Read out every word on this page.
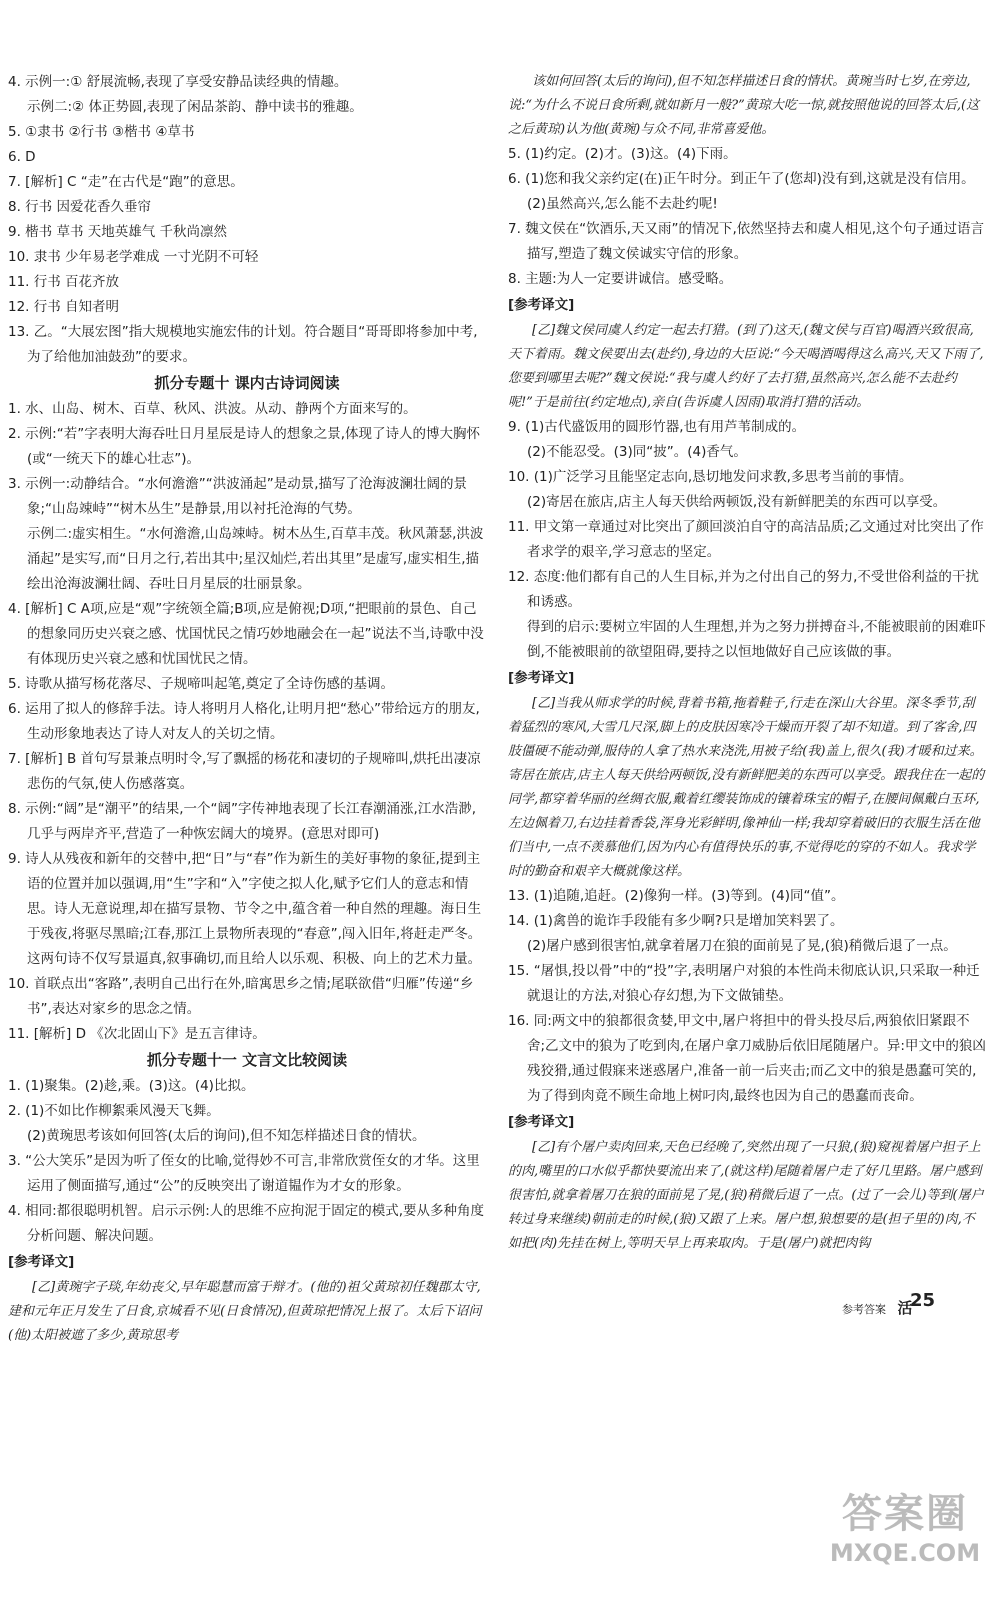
4. 示例一:① 舒展流畅,表现了享受安静品读经典的情趣。
示例二:② 体正势圆,表现了闲品茶韵、静中读书的雅趣。
5. ①隶书 ②行书 ③楷书 ④草书
6. D
7. [解析] C “走”在古代是“跑”的意思。
8. 行书 因爱花香久垂帘
9. 楷书 草书 天地英雄气 千秋尚凛然
10. 隶书 少年易老学难成 一寸光阴不可轻
11. 行书 百花齐放
12. 行书 自知者明
13. 乙。“大展宏图”指大规模地实施宏伟的计划。符合题目“哥哥即将参加中考,为了给他加油鼓劲”的要求。
抓分专题十 课内古诗词阅读
1. 水、山岛、树木、百草、秋风、洪波。从动、静两个方面来写的。
2. 示例:“若”字表明大海吞吐日月星辰是诗人的想象之景,体现了诗人的博大胸怀(或“一统天下的雄心壮志”)。
3. 示例一:动静结合。“水何澹澹”“洪波涌起”是动景,描写了沧海波澜壮阔的景象;“山岛竦峙”“树木丛生”是静景,用以衬托沧海的气势。
示例二:虚实相生。“水何澹澹,山岛竦峙。树木丛生,百草丰茂。秋风萧瑟,洪波涌起”是实写,而“日月之行,若出其中;星汉灿烂,若出其里”是虚写,虚实相生,描绘出沧海波澜壮阔、吞吐日月星辰的壮丽景象。
4. [解析] C A项,应是“观”字统领全篇;B项,应是俯视;D项,“把眼前的景色、自己的想象同历史兴衰之感、忧国忧民之情巧妙地融会在一起”说法不当,诗歌中没有体现历史兴衰之感和忧国忧民之情。
5. 诗歌从描写杨花落尽、子规啼叫起笔,奠定了全诗伤感的基调。
6. 运用了拟人的修辞手法。诗人将明月人格化,让明月把“愁心”带给远方的朋友,生动形象地表达了诗人对友人的关切之情。
7. [解析] B 首句写景兼点明时令,写了飘摇的杨花和凄切的子规啼叫,烘托出凄凉悲伤的气氛,使人伤感落寞。
8. 示例:“阔”是“潮平”的结果,一个“阔”字传神地表现了长江春潮涌涨,江水浩渺,几乎与两岸齐平,营造了一种恢宏阔大的境界。(意思对即可)
9. 诗人从残夜和新年的交替中,把“日”与“春”作为新生的美好事物的象征,提到主语的位置并加以强调,用“生”字和“入”字使之拟人化,赋予它们人的意志和情思。诗人无意说理,却在描写景物、节令之中,蕴含着一种自然的理趣。海日生于残夜,将驱尽黑暗;江春,那江上景物所表现的“春意”,闯入旧年,将赶走严冬。这两句诗不仅写景逼真,叙事确切,而且给人以乐观、积极、向上的艺术力量。
10. 首联点出“客路”,表明自己出行在外,暗寓思乡之情;尾联欲借“归雁”传递“乡书”,表达对家乡的思念之情。
11. [解析] D 《次北固山下》是五言律诗。
抓分专题十一 文言文比较阅读
1. (1)聚集。(2)趁,乘。(3)这。(4)比拟。
2. (1)不如比作柳絮乘风漫天飞舞。
(2)黄琬思考该如何回答(太后的询问),但不知怎样描述日食的情状。
3. “公大笑乐”是因为听了侄女的比喻,觉得妙不可言,非常欣赏侄女的才华。这里运用了侧面描写,通过“公”的反映突出了谢道韫作为才女的形象。
4. 相同:都很聪明机智。启示示例:人的思维不应拘泥于固定的模式,要从多种角度分析问题、解决问题。
[参考译文]
[乙]黄琬字子琰,年幼丧父,早年聪慧而富于辩才。(他的)祖父黄琼初任魏郡太守,建和元年正月发生了日食,京城看不见(日食情况),但黄琼把情况上报了。太后下诏问(他)太阳被遮了多少,黄琼思考
该如何回答(太后的询问),但不知怎样描述日食的情状。黄琬当时七岁,在旁边,说:“为什么不说日食所剩,就如新月一般?”黄琼大吃一惊,就按照他说的回答太后,(这之后黄琼)认为他(黄琬)与众不同,非常喜爱他。
5. (1)约定。(2)才。(3)这。(4)下雨。
6. (1)您和我父亲约定(在)正午时分。到正午了(您却)没有到,这就是没有信用。
(2)虽然高兴,怎么能不去赴约呢!
7. 魏文侯在“饮酒乐,天又雨”的情况下,依然坚持去和虞人相见,这个句子通过语言描写,塑造了魏文侯诚实守信的形象。
8. 主题:为人一定要讲诚信。感受略。
[参考译文]
[乙]魏文侯同虞人约定一起去打猎。(到了)这天,(魏文侯与百官)喝酒兴致很高,天下着雨。魏文侯要出去(赴约),身边的大臣说:“今天喝酒喝得这么高兴,天又下雨了,您要到哪里去呢?”魏文侯说:“我与虞人约好了去打猎,虽然高兴,怎么能不去赴约呢!”于是前往(约定地点),亲自(告诉虞人因雨)取消打猎的活动。
9. (1)古代盛饭用的圆形竹器,也有用芦苇制成的。
(2)不能忍受。(3)同“披”。(4)香气。
10. (1)广泛学习且能坚定志向,恳切地发问求教,多思考当前的事情。
(2)寄居在旅店,店主人每天供给两顿饭,没有新鲜肥美的东西可以享受。
11. 甲文第一章通过对比突出了颜回淡泊自守的高洁品质;乙文通过对比突出了作者求学的艰辛,学习意志的坚定。
12. 态度:他们都有自己的人生目标,并为之付出自己的努力,不受世俗利益的干扰和诱惑。
得到的启示:要树立牢固的人生理想,并为之努力拼搏奋斗,不能被眼前的困难吓倒,不能被眼前的欲望阻碍,要持之以恒地做好自己应该做的事。
[参考译文]
[乙]当我从师求学的时候,背着书箱,拖着鞋子,行走在深山大谷里。深冬季节,刮着猛烈的寒风,大雪几尺深,脚上的皮肤因寒冷干燥而开裂了却不知道。到了客舍,四肢僵硬不能动弹,服侍的人拿了热水来浇洗,用被子给(我)盖上,很久(我)才暖和过来。寄居在旅店,店主人每天供给两顿饭,没有新鲜肥美的东西可以享受。跟我住在一起的同学,都穿着华丽的丝绸衣服,戴着红缨装饰成的镶着珠宝的帽子,在腰间佩戴白玉环,左边佩着刀,右边挂着香袋,浑身光彩鲜明,像神仙一样;我却穿着破旧的衣服生活在他们当中,一点不羡慕他们,因为内心有值得快乐的事,不觉得吃的穿的不如人。我求学时的勤奋和艰辛大概就像这样。
13. (1)追随,追赶。(2)像狗一样。(3)等到。(4)同“值”。
14. (1)禽兽的诡诈手段能有多少啊?只是增加笑料罢了。
(2)屠户感到很害怕,就拿着屠刀在狼的面前晃了晃,(狼)稍微后退了一点。
15. “屠惧,投以骨”中的“投”字,表明屠户对狼的本性尚未彻底认识,只采取一种迁就退让的方法,对狼心存幻想,为下文做铺垫。
16. 同:两文中的狼都很贪婪,甲文中,屠户将担中的骨头投尽后,两狼依旧紧跟不舍;乙文中的狼为了吃到肉,在屠户拿刀威胁后依旧尾随屠户。异:甲文中的狼凶残狡猾,通过假寐来迷惑屠户,准备一前一后夹击;而乙文中的狼是愚蠢可笑的,为了得到肉竟不顾生命地上树叼肉,最终也因为自己的愚蠢而丧命。
[参考译文]
[乙]有个屠户卖肉回来,天色已经晚了,突然出现了一只狼,(狼)窥视着屠户担子上的肉,嘴里的口水似乎都快要流出来了,(就这样)尾随着屠户走了好几里路。屠户感到很害怕,就拿着屠刀在狼的面前晃了晃,(狼)稍微后退了一点。(过了一会儿)等到(屠户转过身来继续)朝前走的时候,(狼)又跟了上来。屠户想,狼想要的是(担子里的)肉,不如把(肉)先挂在树上,等明天早上再来取肉。于是(屠户)就把肉钩
参考答案 活
25
答案圈
MXQE.COM
